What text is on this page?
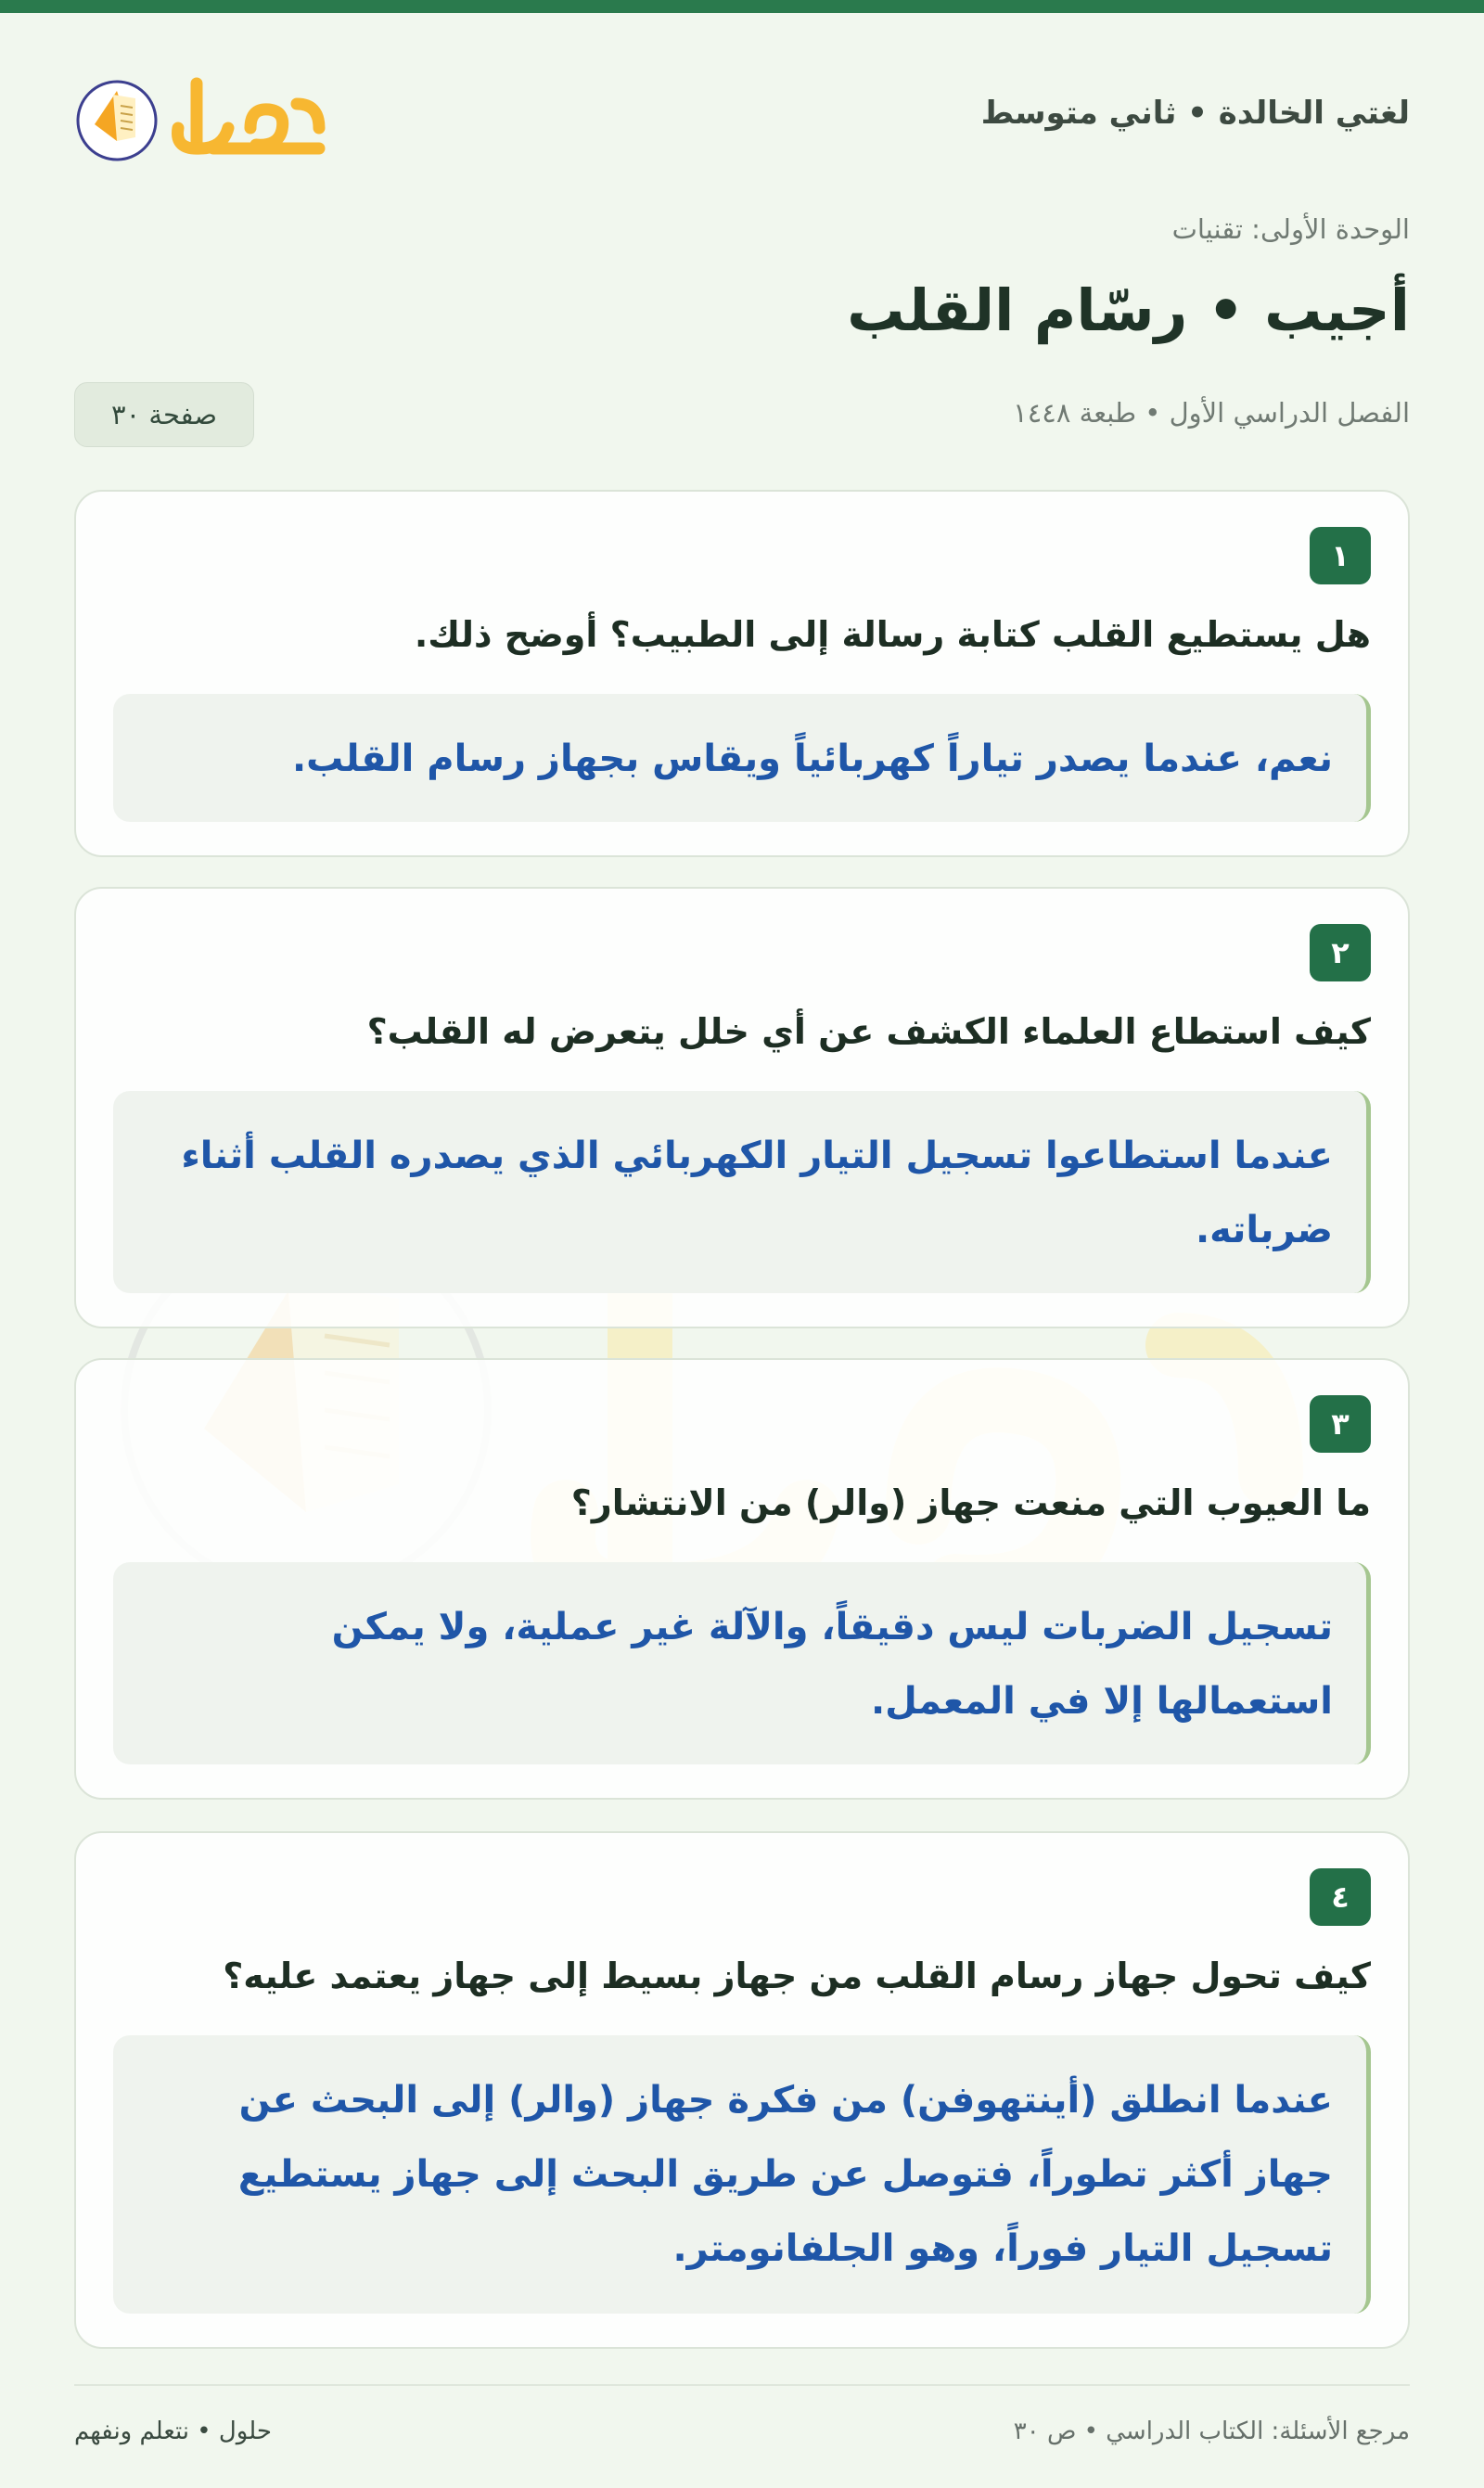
لغتي الخالدة • ثاني متوسط
الوحدة الأولى: تقنيات
أجيب • رسّام القلب
الفصل الدراسي الأول • طبعة ١٤٤٨
صفحة ٣٠
١
هل يستطيع القلب كتابة رسالة إلى الطبيب؟ أوضح ذلك.
نعم، عندما يصدر تياراً كهربائياً ويقاس بجهاز رسام القلب.
٢
كيف استطاع العلماء الكشف عن أي خلل يتعرض له القلب؟
عندما استطاعوا تسجيل التيار الكهربائي الذي يصدره القلب أثناء ضرباته.
٣
ما العيوب التي منعت جهاز (والر) من الانتشار؟
تسجيل الضربات ليس دقيقاً، والآلة غير عملية، ولا يمكن استعمالها إلا في المعمل.
٤
كيف تحول جهاز رسام القلب من جهاز بسيط إلى جهاز يعتمد عليه؟
عندما انطلق (أينتهوفن) من فكرة جهاز (والر) إلى البحث عن جهاز أكثر تطوراً، فتوصل عن طريق البحث إلى جهاز يستطيع تسجيل التيار فوراً، وهو الجلفانومتر.
مرجع الأسئلة: الكتاب الدراسي • ص ٣٠
حلول • نتعلم ونفهم
